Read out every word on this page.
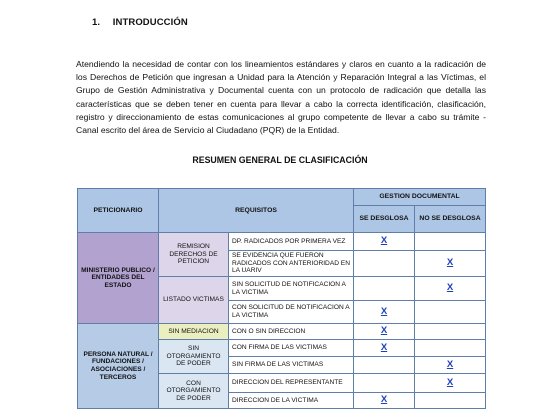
1. INTRODUCCIÓN

Atendiendo la necesidad de contar con los lineamientos estándares y claros en cuanto a la radicación de los Derechos de Petición que ingresan a Unidad para la Atención y Reparación Integral a las Víctimas, el Grupo de Gestión Administrativa y Documental cuenta con un protocolo de radicación que detalla las características que se deben tener en cuenta para llevar a cabo la correcta identificación, clasificación, registro y direccionamiento de estas comunicaciones al grupo competente de llevar a cabo su trámite - Canal escrito del área de Servicio al Ciudadano (PQR) de la Entidad.

RESUMEN GENERAL DE CLASIFICACIÓN
PETICIONARIO	REQUISITOS		GESTION DOCUMENTAL	
			SE DESGLOSA	NO SE DESGLOSA
MINISTERIO PUBLICO / ENTIDADES DEL ESTADO	REMISION DERECHOS DE PETICION	DP. RADICADOS POR PRIMERA VEZ	X	
		SE EVIDENCIA QUE FUERON RADICADOS CON ANTERIORIDAD EN LA UARIV		X
	LISTADO VICTIMAS	SIN SOLICITUD DE NOTIFICACION A LA VICTIMA		X
		CON SOLICITUD DE NOTIFICACION A LA VICTIMA	X	
PERSONA NATURAL / FUNDACIONES / ASOCIACIONES / TERCEROS	SIN MEDIACION	CON O SIN DIRECCION	X	
	SIN OTORGAMIENTO DE PODER	CON FIRMA DE LAS VICTIMAS	X	
		SIN FIRMA DE LAS VICTIMAS		X
	CON OTORGAMIENTO DE PODER	DIRECCION DEL REPRESENTANTE		X
		DIRECCION DE LA VICTIMA	X	
